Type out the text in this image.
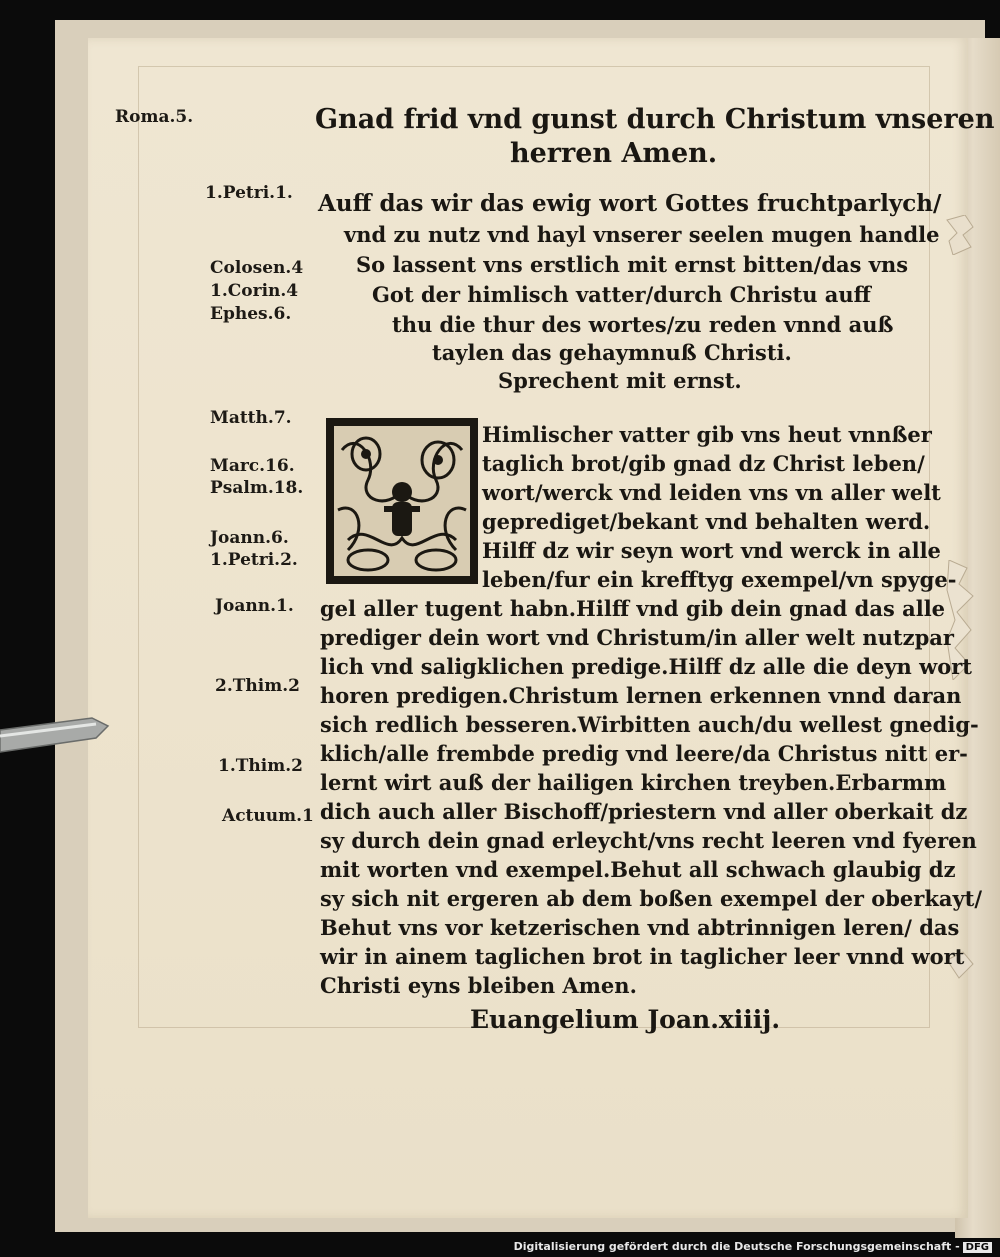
Roma.5.
1.Petri.1.
Colosen.4
1.Corin.4
Ephes.6.
Matth.7.
Marc.16.
Psalm.18.
Joann.6.
1.Petri.2.
Joann.1.
2.Thim.2
1.Thim.2
Actuum.1
Gnad frid vnd gunst durch Christum vnseren
herren Amen.
Auff das wir das ewig wort Gottes fruchtparlych/
vnd zu nutz vnd hayl vnserer seelen mugen handle
So lassent vns erstlich mit ernst bitten/das vns
Got der himlisch vatter/durch Christu auff
thu die thur des wortes/zu reden vnnd auß
taylen das gehaymnuß Christi.
Sprechent mit ernst.
Himlischer vatter gib vns heut vnnßer
taglich brot/gib gnad dz Christ leben/
wort/werck vnd leiden vns vn aller welt
geprediget/bekant vnd behalten werd.
Hilff dz wir seyn wort vnd werck in alle
leben/fur ein krefftyg exempel/vn spyge-
gel aller tugent habn.Hilff vnd gib dein gnad das alle
prediger dein wort vnd Christum/in aller welt nutzpar
lich vnd saligklichen predige.Hilff dz alle die deyn wort
horen predigen.Christum lernen erkennen vnnd daran
sich redlich besseren.Wirbitten auch/du wellest gnedig-
klich/alle frembde predig vnd leere/da Christus nitt er-
lernt wirt auß der hailigen kirchen treyben.Erbarmm
dich auch aller Bischoff/priestern vnd aller oberkait dz
sy durch dein gnad erleycht/vns recht leeren vnd fyeren
mit worten vnd exempel.Behut all schwach glaubig dz
sy sich nit ergeren ab dem boßen exempel der oberkayt/
Behut vns vor ketzerischen vnd abtrinnigen leren/ das
wir in ainem taglichen brot in taglicher leer vnnd wort
Christi eyns bleiben Amen.
Euangelium Joan.xiiij.
Digitalisierung gefördert durch die Deutsche Forschungsgemeinschaft - DFG
